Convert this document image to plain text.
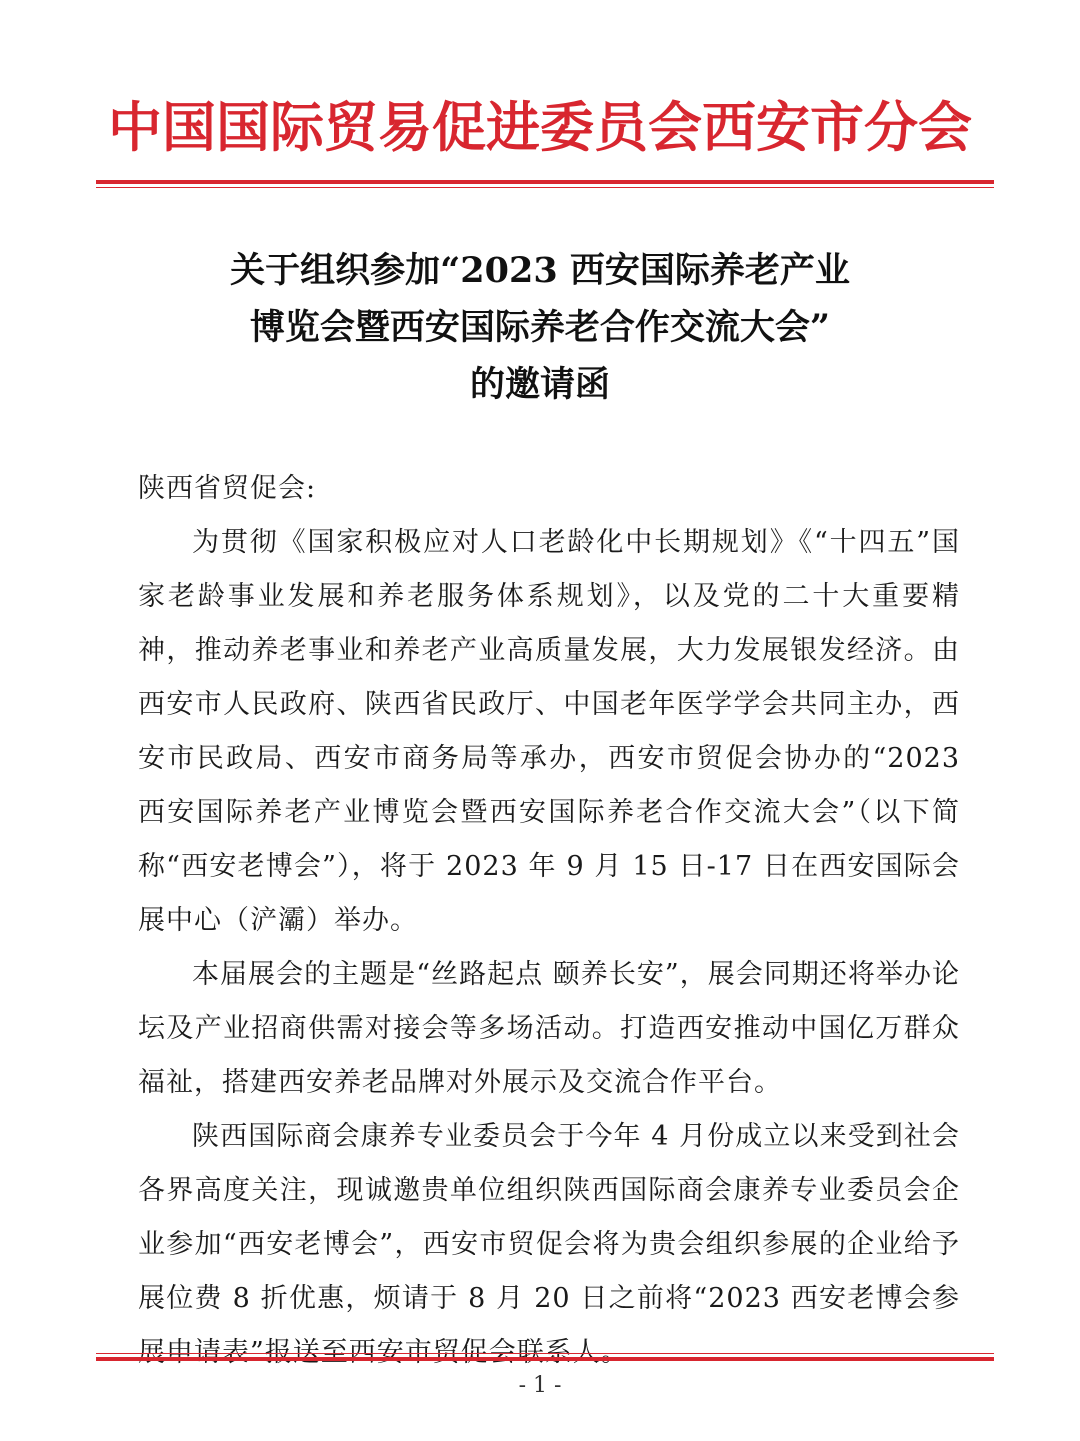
中国国际贸易促进委员会西安市分会
关于组织参加“2023 西安国际养老产业
博览会暨西安国际养老合作交流大会”
的邀请函

陕西省贸促会:

为贯彻《国家积极应对人口老龄化中长期规划》《“十四五”国家老龄事业发展和养老服务体系规划》，以及党的二十大重要精神，推动养老事业和养老产业高质量发展，大力发展银发经济。由西安市人民政府、陕西省民政厅、中国老年医学学会共同主办，西安市民政局、西安市商务局等承办，西安市贸促会协办的“2023 西安国际养老产业博览会暨西安国际养老合作交流大会”（以下简称“西安老博会”），将于 2023 年 9 月 15 日-17 日在西安国际会展中心（浐灞）举办。

本届展会的主题是“丝路起点 颐养长安”，展会同期还将举办论坛及产业招商供需对接会等多场活动。打造西安推动中国亿万群众福祉，搭建西安养老品牌对外展示及交流合作平台。

陕西国际商会康养专业委员会于今年 4 月份成立以来受到社会各界高度关注，现诚邀贵单位组织陕西国际商会康养专业委员会企业参加“西安老博会”，西安市贸促会将为贵会组织参展的企业给予展位费 8 折优惠，烦请于 8 月 20 日之前将“2023 西安老博会参

- 1 -
